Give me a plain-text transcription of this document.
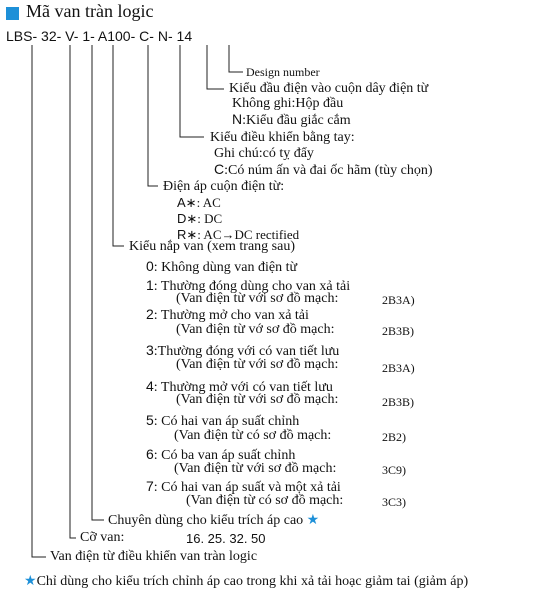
Mã van tràn logic
LBS- 32- V- 1- A100- C- N- 14
Design number
Kiểu đầu điện vào cuộn dây điện từ
Không ghi:Hộp đầu
N:Kiểu đầu giắc cắm
Kiểu điều khiển bằng tay:
Ghi chú:có tỵ đẩy
C:Có núm ấn và đai ốc hãm (tùy chọn)
Điện áp cuộn điện từ:
A∗: AC
D∗: DC
R∗: AC→DC rectified
Kiểu nắp van (xem trang sau)
0: Không dùng van điện từ
1: Thường đóng dùng cho van xả tải
(Van điện từ với sơ đồ mạch:	2B3A)
2: Thường mở cho van xả tải
(Van điện từ vớ sơ đồ mạch:	2B3B)
3:Thường đóng với có van tiết lưu
(Van điện từ với sơ đồ mạch:	2B3A)
4: Thường mở với có van tiết lưu
(Van điện từ với sơ đồ mạch:	2B3B)
5: Có hai van áp suất chỉnh
(Van điện từ có sơ đồ mạch:	2B2)
6: Có ba van áp suất chỉnh
(Van điện từ với sơ đồ mạch:	3C9)
7: Có hai van áp suất và một xả tải
(Van điện từ có sơ đồ mạch:	3C3)
Chuyên dùng cho kiểu trích áp cao ★
Cỡ van:	16. 25. 32. 50
Van điện từ điều khiển van tràn logic
★Chỉ dùng cho kiểu trích chỉnh áp cao trong khi xả tải hoạc giảm tai (giảm áp)
